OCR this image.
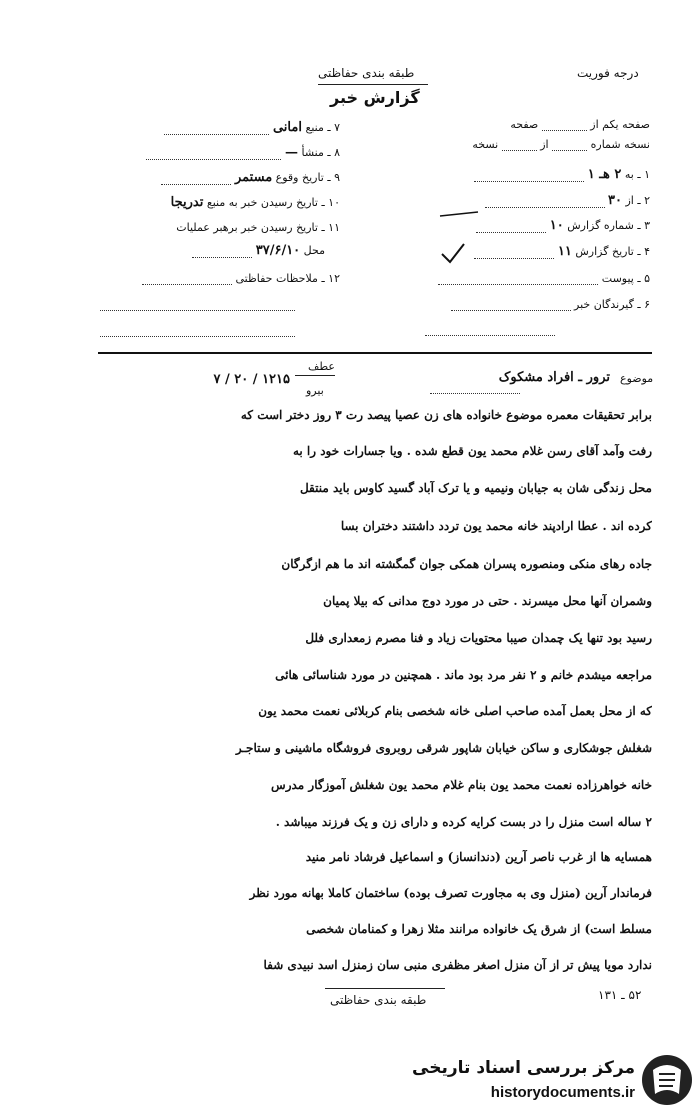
طبقه بندی حفاظتی	درجه فوریت
گزارش خبر
۷ ـ منبع امانی
۸ ـ منشأ —
۹ ـ تاریخ وقوع مستمر
۱۰ ـ تاریخ رسیدن خبر به منبع تدریجا
۱۱ ـ تاریخ رسیدن خبر برهبر عملیات
محل ۳۷/۶/۱۰
۱۲ ـ ملاحظات حفاظتی
صفحه یکم از  صفحه
نسخه شماره  از  نسخه
۱ ـ به ۲ هـ ۱
۲ ـ از ۳۰
۳ ـ شماره گزارش ۱۰
۴ ـ تاریخ گزارش ۱۱
۵ ـ پیوست
۶ ـ گیرندگان خبر
عطف
بیرو
۱۲۱۵ / ۲۰ / ۷	موضوع
ترور ـ افراد مشکوک
برابر تحقیقات معمره موضوع خانواده های زن عصیا پیصد رت ۳ روز دختر است که
رفت وآمد آقای رسن غلام محمد یون قطع شده . ویا جسارات خود را به
محل زندگی شان به جیابان ونیمیه و یا ترک آباد گسید کاوس باید منتقل
کرده اند . عطا ارادپند خانه محمد یون تردد داشتند دختران بسا
جاده رهای منکی ومنصوره پسران همکی جوان گمگشته اند ما هم ازگرگان
وشمران آنها محل میسرند . حتی در مورد دوج مدانی که بیلا پمیان
رسید بود تنها یک چمدان صیبا محتویات زیاد و فنا مصرم زمعداری فلل
مراجعه میشدم خانم و ۲ نفر مرد بود ماند . همچنین در مورد شناسائی هائی
که از محل بعمل آمده صاحب اصلی خانه شخصی بنام کربلائی نعمت محمد یون
شغلش جوشکاری و ساکن خیابان شاپور شرقی روبروی فروشگاه ماشینی و ستاجـر
خانه خواهرزاده نعمت محمد یون بنام غلام محمد یون شغلش آموزگار مدرس
۲ ساله است منزل را در بست کرایه کرده و دارای زن و یک فرزند میباشد .
همسایه ها از غرب ناصر آرین (دندانساز) و اسماعیل فرشاد نامر منید
فرماندار آرین (منزل وی به مجاورت تصرف بوده) ساختمان کاملا بهانه مورد نظر
مسلط است) از شرق یک خانواده مرانند مثلا زهرا و کمنامان شخصی
ندارد مویا پیش تر از آن منزل اصغر مظفری منبی سان زمنزل اسد نبیدی شفا
طبقه بندی حفاظتی	۵۲ ـ ۱۳۱
مرکز بررسی اسناد تاریخی
historydocuments.ir
